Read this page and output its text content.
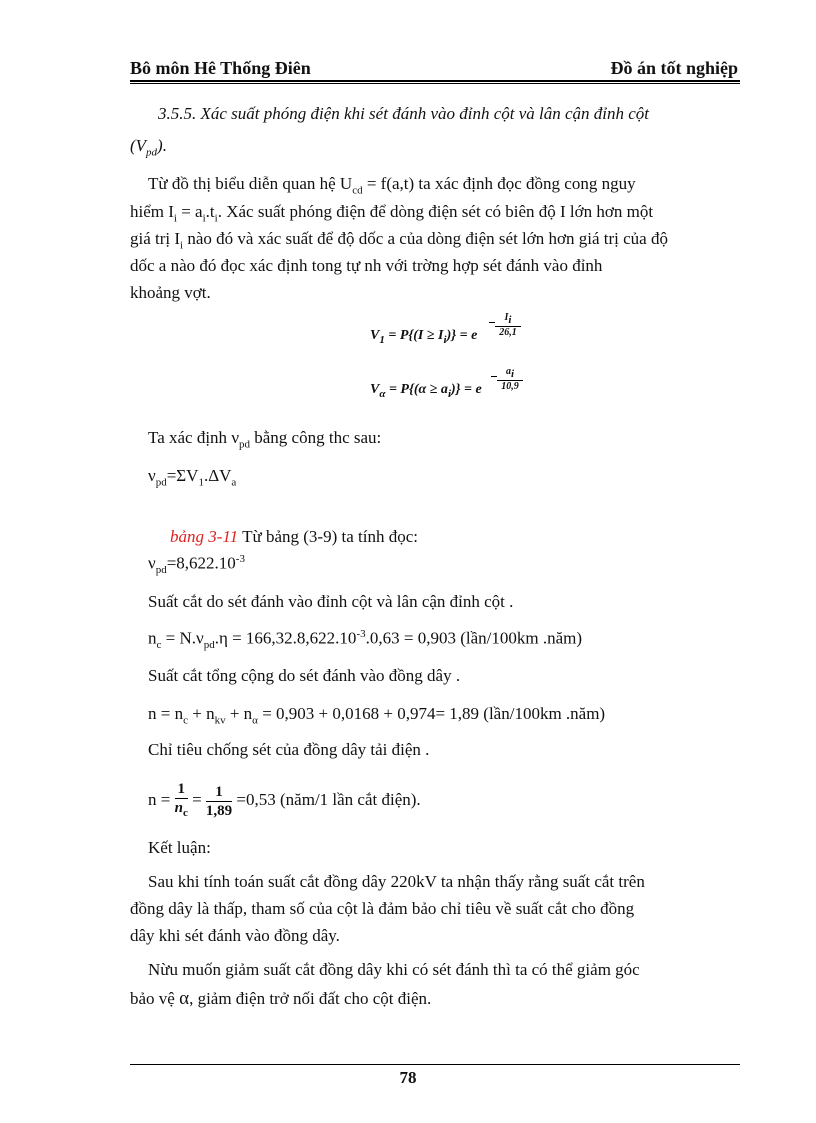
Bô môn Hê Thống Điên	Đồ án tốt nghiệp
3.5.5. Xác suất phóng điện khi sét đánh vào đỉnh cột và lân cận đỉnh cột
$(V_{pd})$.
Từ đồ thị biểu diễn quan hệ $U_{cd} = f(a,t)$ ta xác định đọc đồng cong nguy
hiểm $I_i = a_i.t_i$. Xác suất phóng điện để dòng điện sét có biên độ I lớn hơn một
giá trị $I_i$ nào đó và xác suất để độ dốc a của dòng điện sét lớn hơn giá trị của độ
dốc a nào đó đọc xác định tong tự nh với trờng hợp sét đánh vào đỉnh
khoảng vợt.
$V_1 = P\{(I \ge I_i)\} = e$
$I_i$
26,1
$V_\alpha = P\{(\alpha \ge a_i)\} = e$
$a_i$
10,9
Ta xác định $\nu_{pd}$ bằng công thc sau:
$\nu_{pd}=\Sigma V_1.\Delta V_a$
bảng 3-11 Từ bảng (3-9) ta tính đọc:
$\nu_{pd}=8,622.10^{-3}$
Suất cắt do sét đánh vào đỉnh cột và lân cận đỉnh cột .
$n_c = N.\nu_{pd}.\eta = 166,32.8,622.10^{-3}.0,63 = 0,903$ (lần/100km .năm)
Suất cắt tổng cộng do sét đánh vào đồng dây .
$n = n_c + n_{kv} + n_\alpha = 0,903 + 0,0168 + 0,974= 1,89$ (lần/100km .năm)
Chỉ tiêu chống sét của đồng dây tải điện .
$n = \frac{1}{n_c} = \frac{1}{1,89} =0,53$ (năm/1 lần cắt điện).
Kết luận:
Sau khi tính toán suất cắt đồng dây 220kV ta nhận thấy rằng suất cắt trên
đồng dây là thấp, tham số của cột là đảm bảo chỉ tiêu về suất cắt cho đồng
dây khi sét đánh vào đồng dây.
Nừu muốn giảm suất cắt đồng dây khi có sét đánh thì ta có thể giảm góc
bảo vệ α, giảm điện trở nối đất cho cột điện.
78
